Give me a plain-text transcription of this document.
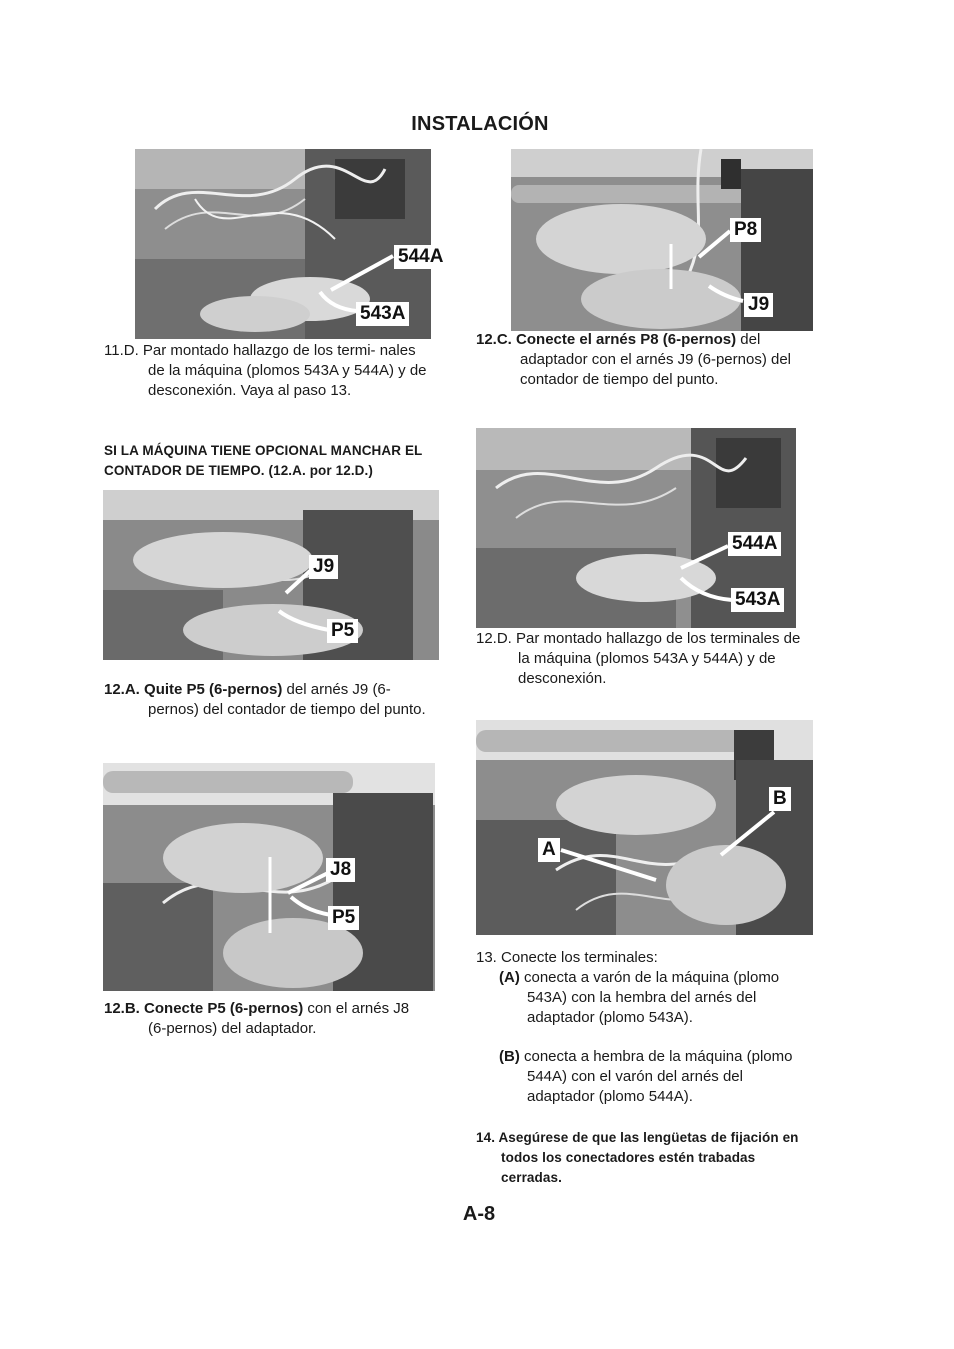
INSTALACIÓN
544A
543A

11.D. Par montado hallazgo de los termi- nales de la máquina (plomos 543A y 544A) y de desconexión. Vaya al paso 13.

SI LA MÁQUINA TIENE OPCIONAL MANCHAR EL CONTADOR DE TIEMPO. (12.A. por 12.D.)
J9
P5

12.A. Quite P5 (6-pernos) del arnés J9 (6- pernos) del contador de tiempo del punto.

J8
P5

12.B. Conecte P5 (6-pernos) con el arnés J8 (6-pernos) del adaptador.

P8
J9

12.C. Conecte el arnés P8 (6-pernos) del adaptador con el arnés J9 (6-pernos) del contador de tiempo del punto.

544A
543A

12.D. Par montado hallazgo de los terminales de la máquina (plomos 543A y 544A) y de desconexión.

B
A
13. Conecte los terminales:

(A) conecta a varón de la máquina (plomo 543A) con la hembra del arnés del adaptador (plomo 543A).

(B) conecta a hembra de la máquina (plomo 544A) con el varón del arnés del adaptador (plomo 544A).

14. Asegúrese de que las lengüetas de fijación en todos los conectadores estén trabadas cerradas.

A-8
